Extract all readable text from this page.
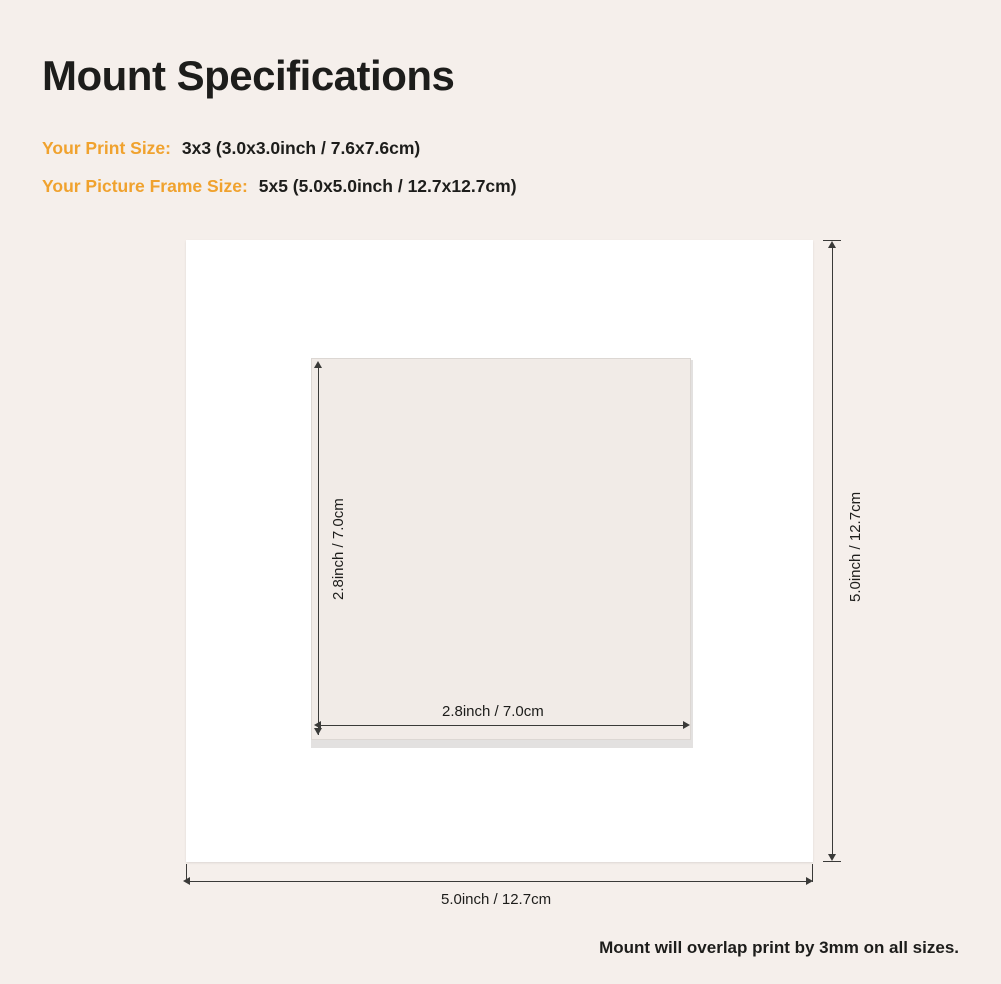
Mount Specifications
Your Print Size: 3x3 (3.0x3.0inch / 7.6x7.6cm)
Your Picture Frame Size: 5x5 (5.0x5.0inch / 12.7x12.7cm)
2.8inch / 7.0cm
2.8inch / 7.0cm
5.0inch / 12.7cm
5.0inch / 12.7cm
Mount will overlap print by 3mm on all sizes.
